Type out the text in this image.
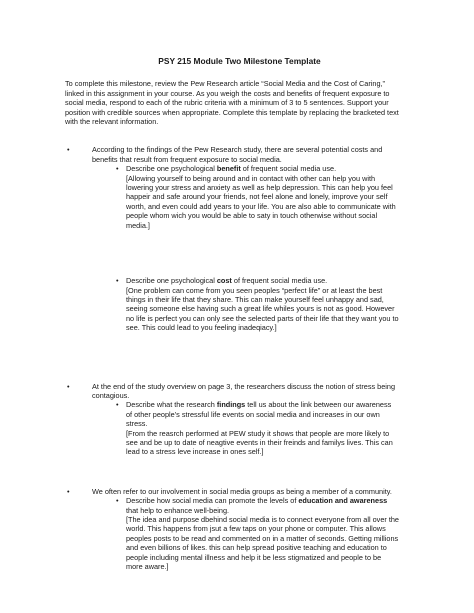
PSY 215 Module Two Milestone Template
To complete this milestone, review the Pew Research article “Social Media and the Cost of Caring,” linked in this assignment in your course. As you weigh the costs and benefits of frequent exposure to social media, respond to each of the rubric criteria with a minimum of 3 to 5 sentences. Support your position with credible sources when appropriate. Complete this template by replacing the bracketed text with the relevant information.
•	According to the findings of the Pew Research study, there are several potential costs and benefits that result from frequent exposure to social media.
• Describe one psychological benefit of frequent social media use.
[Allowing yourself to being around and in contact with other can help you with lowering your stress and anxiety as well as help depression. This can help you feel happeir and safe around your friends, not feel alone and lonely, improve your self worth, and even could add years to your life. You are also able to communicate with people whom wich you would be able to saty in touch otherwise without social media.]
• Describe one psychological cost of frequent social media use.
[One problem can come from you seen peoples “perfect life” or at least the best things in their life that they share. This can make yourself feel unhappy and sad, seeing someone else having such a great life whiles yours is not as good. However no life is perfect you can only see the selected parts of their life that they want you to see. This could lead to you feeling inadeqiacy.]
•	At the end of the study overview on page 3, the researchers discuss the notion of stress being contagious.
• Describe what the research findings tell us about the link between our awareness of other people’s stressful life events on social media and increases in our own stress.
[From the reasrch performed at PEW study it shows that people are more likely to see and be up to date of neagtive events in their freinds and familys lives. This can lead to a stress leve increase in ones self.]
•	We often refer to our involvement in social media groups as being a member of a community.
• Describe how social media can promote the levels of education and awareness that help to enhance well-being.
[The idea and purpose dbehind social media is to connect everyone from all over the world. This happens from jsut a few taps on your phone or computer. This allows peoples posts to be read and commented on in a matter of seconds. Getting millions and even billions of likes. this can help spread positive teaching and education to people including mental illness and help it be less stigmatized and people to be more aware.]
